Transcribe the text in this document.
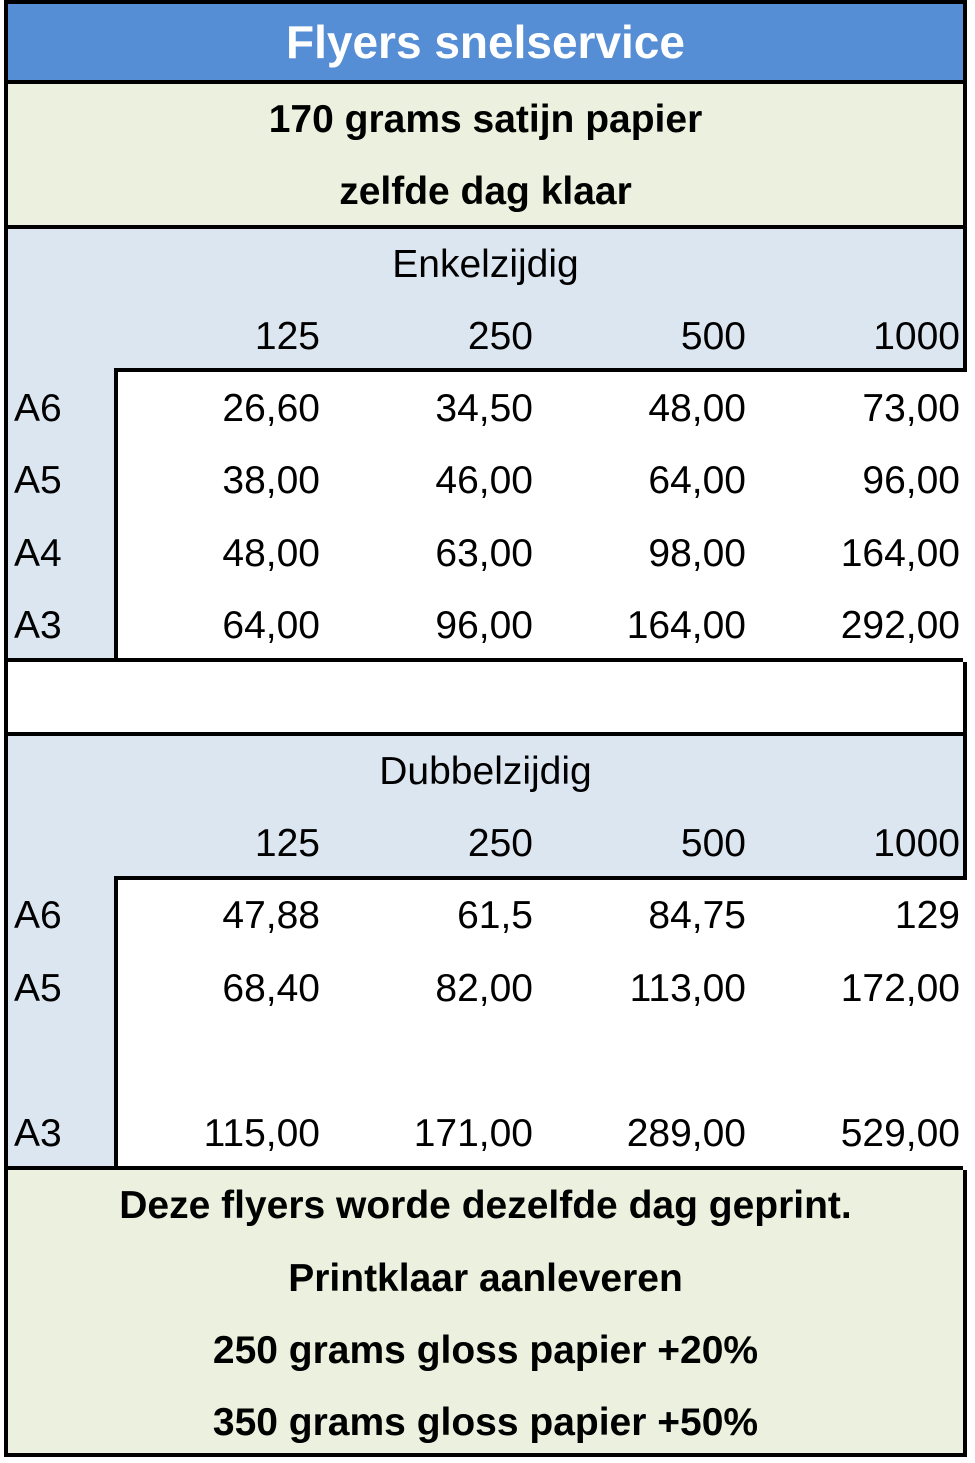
Flyers snelservice
170 grams satijn papier
zelfde dag klaar
Enkelzijdig
125	250	500	1000
A6	26,60	34,50	48,00	73,00
A5	38,00	46,00	64,00	96,00
A4	48,00	63,00	98,00	164,00
A3	64,00	96,00	164,00	292,00
Dubbelzijdig
125	250	500	1000
A6	47,88	61,5	84,75	129
A5	68,40	82,00	113,00	172,00
A3	115,00	171,00	289,00	529,00
Deze flyers worde dezelfde dag geprint.
Printklaar aanleveren
250 grams gloss papier +20%
350 grams gloss papier +50%
